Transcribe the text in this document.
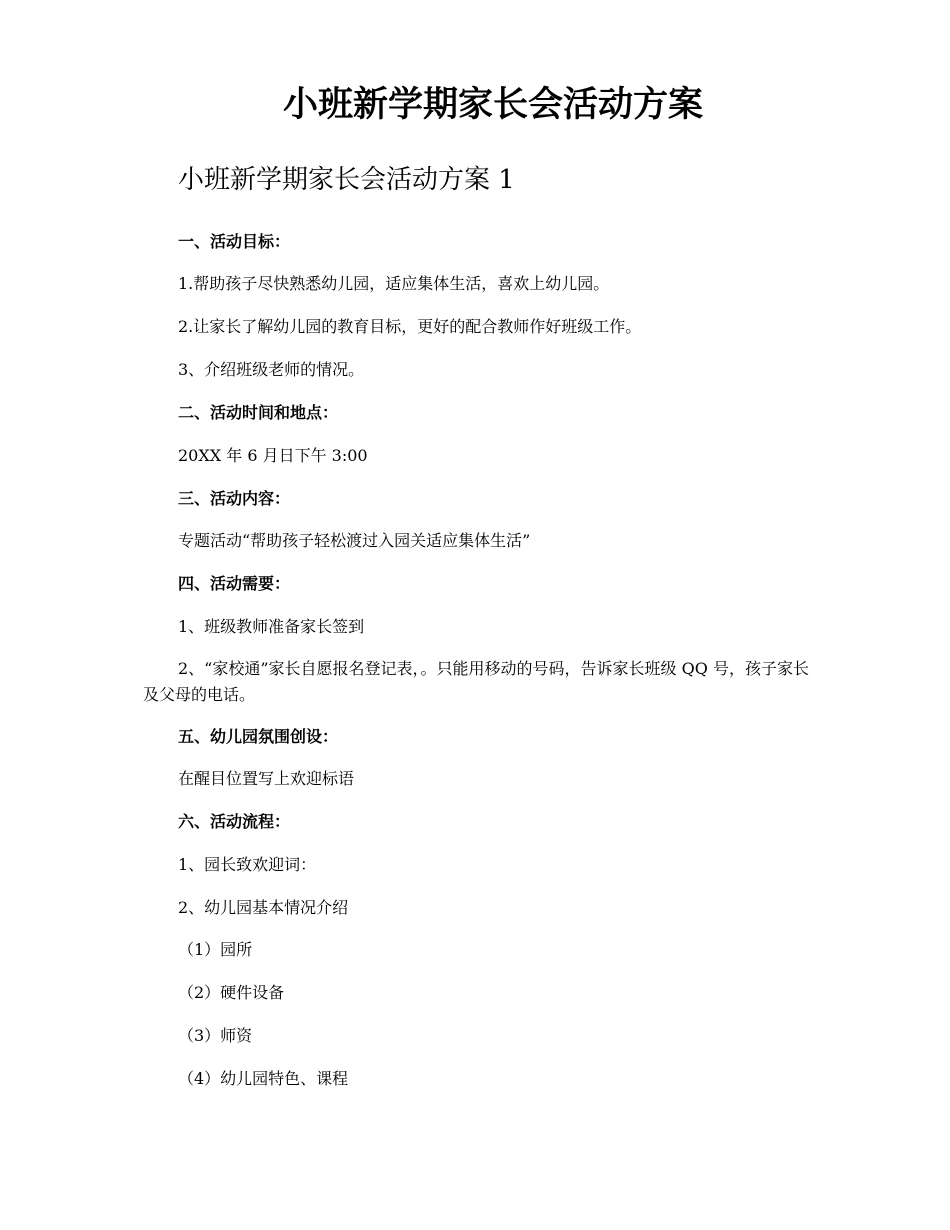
小班新学期家长会活动方案
小班新学期家长会活动方案 1

一、活动目标：

1.帮助孩子尽快熟悉幼儿园，适应集体生活，喜欢上幼儿园。

2.让家长了解幼儿园的教育目标，更好的配合教师作好班级工作。

3、介绍班级老师的情况。

二、活动时间和地点：

20XX 年 6 月日下午 3:00

三、活动内容：

专题活动“帮助孩子轻松渡过入园关适应集体生活”

四、活动需要：

1、班级教师准备家长签到

2、“家校通”家长自愿报名登记表，。只能用移动的号码，告诉家长班级 QQ 号，孩子家长及父母的电话。

五、幼儿园氛围创设：

在醒目位置写上欢迎标语

六、活动流程：

1、园长致欢迎词：

2、幼儿园基本情况介绍

（1）园所

（2）硬件设备

（3）师资

（4）幼儿园特色、课程
